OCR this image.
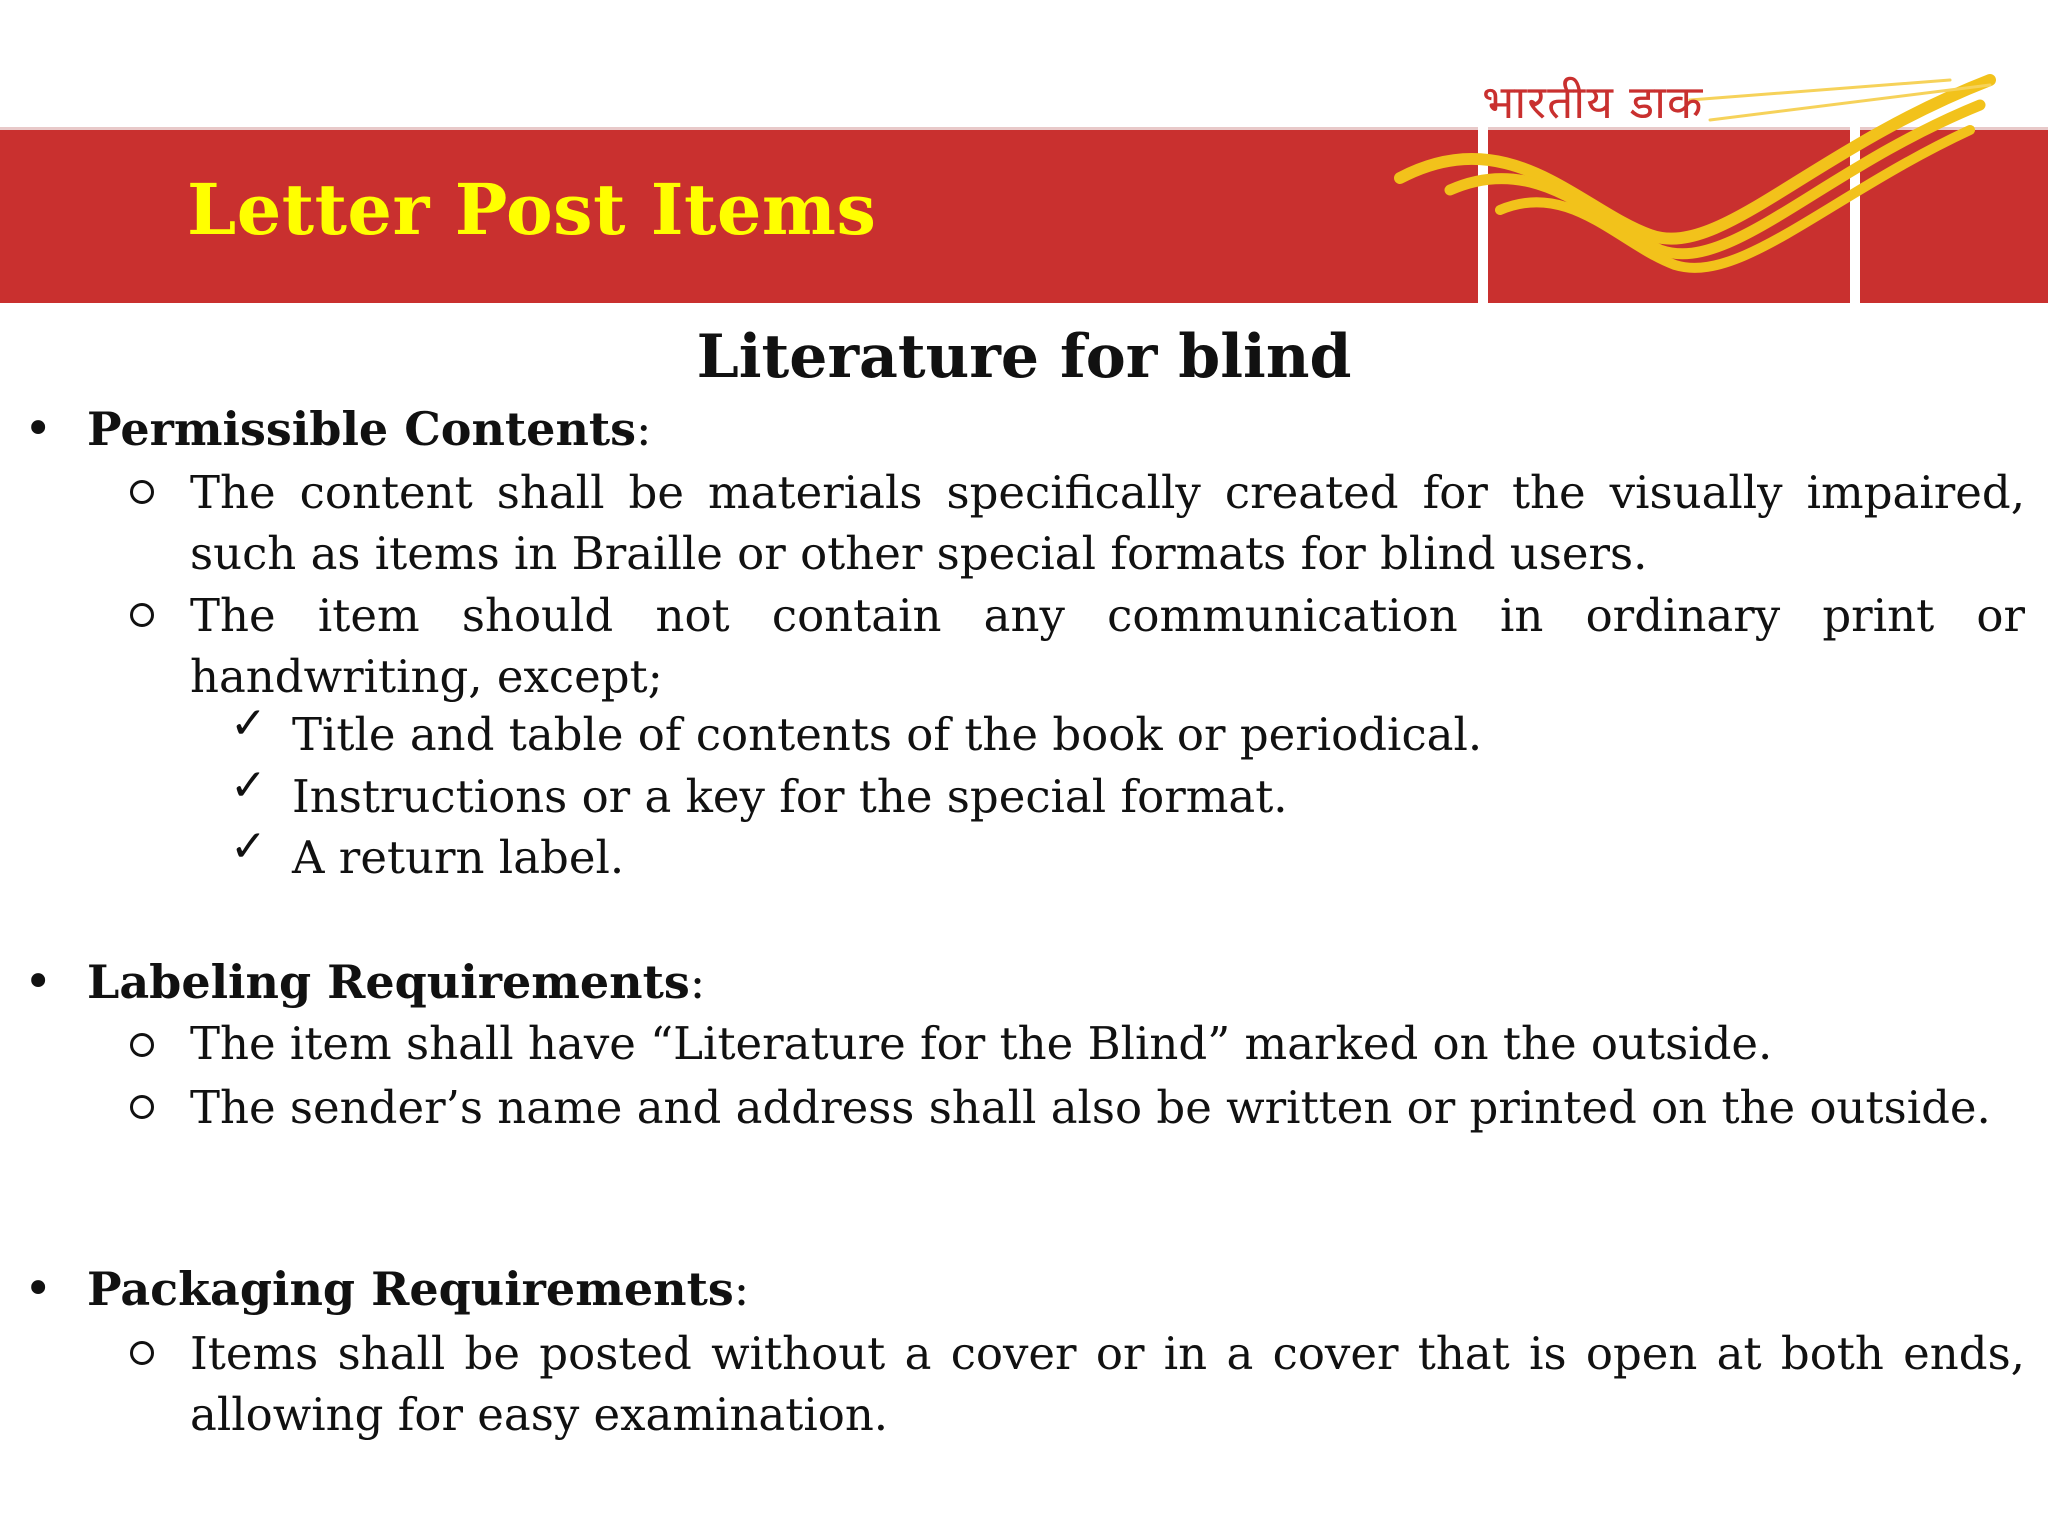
Letter Post Items
भारतीय डाक
Literature for blind
• Permissible Contents:
The content shall be materials specifically created for the visually impaired, such as items in Braille or other special formats for blind users.
The item should not contain any communication in ordinary print or handwriting, except;
✓ Title and table of contents of the book or periodical.
✓ Instructions or a key for the special format.
✓ A return label.
• Labeling Requirements:
The item shall have “Literature for the Blind” marked on the outside.
The sender’s name and address shall also be written or printed on the outside.
• Packaging Requirements:
Items shall be posted without a cover or in a cover that is open at both ends, allowing for easy examination.
